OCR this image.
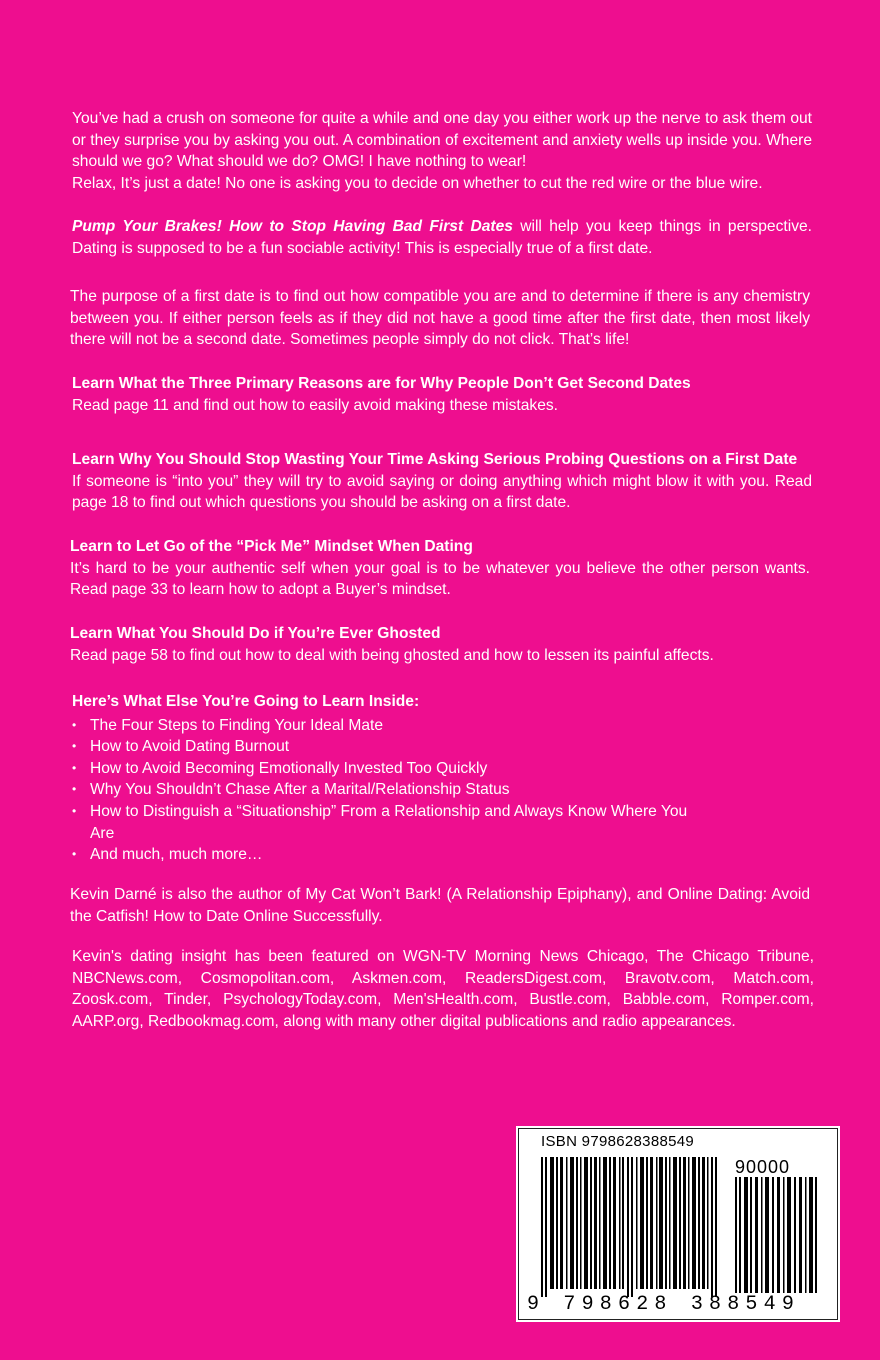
You’ve had a crush on someone for quite a while and one day you either work up the nerve to ask them out or they surprise you by asking you out. A combination of excitement and anxiety wells up inside you. Where should we go? What should we do? OMG! I have nothing to wear!

Relax, It’s just a date! No one is asking you to decide on whether to cut the red wire or the blue wire.

Pump Your Brakes! How to Stop Having Bad First Dates will help you keep things in perspective. Dating is supposed to be a fun sociable activity! This is especially true of a first date.

The purpose of a first date is to find out how compatible you are and to determine if there is any chemistry between you. If either person feels as if they did not have a good time after the first date, then most likely there will not be a second date. Sometimes people simply do not click. That’s life!

Learn What the Three Primary Reasons are for Why People Don’t Get Second Dates

Read page 11 and find out how to easily avoid making these mistakes.

Learn Why You Should Stop Wasting Your Time Asking Serious Probing Questions on a First Date

If someone is “into you” they will try to avoid saying or doing anything which might blow it with you. Read page 18 to find out which questions you should be asking on a first date.

Learn to Let Go of the “Pick Me” Mindset When Dating

It’s hard to be your authentic self when your goal is to be whatever you believe the other person wants. Read page 33 to learn how to adopt a Buyer’s mindset.

Learn What You Should Do if You’re Ever Ghosted

Read page 58 to find out how to deal with being ghosted and how to lessen its painful affects.

Here’s What Else You’re Going to Learn Inside:

• The Four Steps to Finding Your Ideal Mate
• How to Avoid Dating Burnout
• How to Avoid Becoming Emotionally Invested Too Quickly
• Why You Shouldn’t Chase After a Marital/Relationship Status
• How to Distinguish a “Situationship” From a Relationship and Always Know Where You Are
• And much, much more…

Kevin Darné is also the author of My Cat Won’t Bark! (A Relationship Epiphany), and Online Dating: Avoid the Catfish! How to Date Online Successfully.

Kevin's dating insight has been featured on WGN-TV Morning News Chicago, The Chicago Tribune, NBCNews.com, Cosmopolitan.com, Askmen.com, ReadersDigest.com, Bravotv.com, Match.com, Zoosk.com, Tinder, PsychologyToday.com, Men'sHealth.com, Bustle.com, Babble.com, Romper.com, AARP.org, Redbookmag.com, along with many other digital publications and radio appearances.

ISBN 9798628388549
90000
9 798628 388549
